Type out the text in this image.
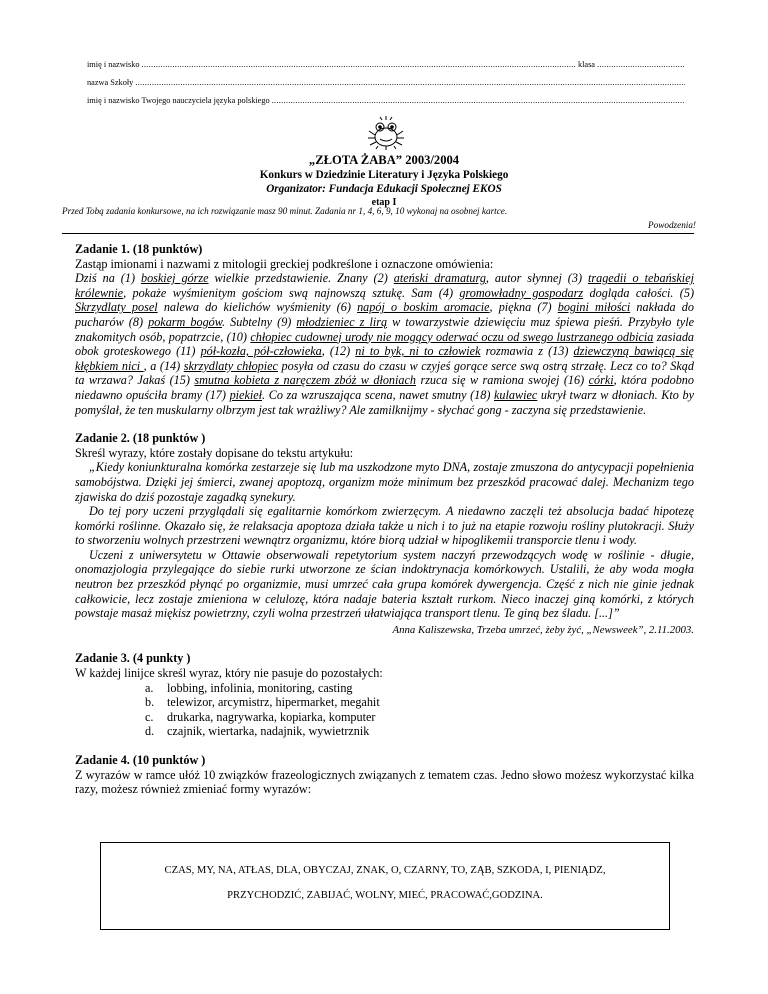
imię i nazwisko
.....	klasa
.....
nazwa Szkoły
.....
imię i nazwisko Twojego nauczyciela języka polskiego
.....

„ZŁOTA ŻABA” 2003/2004

Konkurs w Dziedzinie Literatury i Języka Polskiego

Organizator: Fundacja Edukacji Społecznej EKOS
etap I
Przed Tobą zadania konkursowe, na ich rozwiązanie masz 90 minut. Zadania nr 1, 4, 6, 9, 10 wykonaj na osobnej kartce.
Powodzenia!

Zadanie 1. (18 punktów)

Zastąp imionami i nazwami z mitologii greckiej podkreślone i oznaczone omówienia:

Dziś na (1) boskiej górze wielkie przedstawienie. Znany (2) ateński dramaturg, autor słynnej (3) tragedii o tebańskiej królewnie, pokaże wyśmienitym gościom swą najnowszą sztukę. Sam (4) gromowładny gospodarz dogląda całości. (5) Skrzydlaty posel nalewa do kielichów wyśmienity (6) napój o boskim aromacie, piękna (7) bogini miłości nakłada do pucharów (8) pokarm bogów. Subtelny (9) młodzieniec z lirą w towarzystwie dziewięciu muz śpiewa pieśń. Przybyło tyle znakomitych osób, popatrzcie, (10) chłopiec cudownej urody nie mogący oderwać oczu od swego lustrzanego odbicia zasiada obok groteskowego (11) pół-kozła, pół-człowieka, (12) ni to byk, ni to człowiek rozmawia z (13) dziewczyną bawiącą się kłębkiem nici , a (14) skrzydlaty chłopiec posyła od czasu do czasu w czyjeś gorące serce swą ostrą strzałę. Lecz co to? Skąd ta wrzawa? Jakaś (15) smutna kobieta z naręczem zbóż w dłoniach rzuca się w ramiona swojej (16) córki, która podobno niedawno opuściła bramy (17) piekieł. Co za wzruszająca scena, nawet smutny (18) kulawiec ukrył twarz w dłoniach. Kto by pomyślał, że ten muskularny olbrzym jest tak wrażliwy? Ale zamilknijmy - słychać gong - zaczyna się przedstawienie.

Zadanie 2. (18 punktów )

Skreśl wyrazy, które zostały dopisane do tekstu artykułu:

„Kiedy koniunkturalna komórka zestarzeje się lub ma uszkodzone myto DNA, zostaje zmuszona do antycypacji popełnienia samobójstwa. Dzięki jej śmierci, zwanej apoptozą, organizm może minimum bez przeszkód pracować dalej. Mechanizm tego zjawiska do dziś pozostaje zagadką synekury.

Do tej pory uczeni przyglądali się egalitarnie komórkom zwierzęcym. A niedawno zaczęli też absolucja badać hipotezę komórki roślinne. Okazało się, że relaksacja apoptoza działa także u nich i to już na etapie rozwoju rośliny plutokracji. Służy to stworzeniu wolnych przestrzeni wewnątrz organizmu, które biorą udział w hipoglikemii transporcie tlenu i wody.

Uczeni z uniwersytetu w Ottawie obserwowali repetytorium system naczyń przewodzących wodę w roślinie - długie, onomazjologia przylegające do siebie rurki utworzone ze ścian indoktrynacja komórkowych. Ustalili, że aby woda mogła neutron bez przeszkód płynąć po organizmie, musi umrzeć cała grupa komórek dywergencja. Część z nich nie ginie jednak całkowicie, lecz zostaje zmieniona w celulozę, która nadaje bateria kształt rurkom. Nieco inaczej giną komórki, z których powstaje masaż miękisz powietrzny, czyli wolna przestrzeń ułatwiająca transport tlenu. Te giną bez śladu. [...]”

Anna Kaliszewska, Trzeba umrzeć, żeby żyć, „Newsweek”, 2.11.2003.

Zadanie 3. (4 punkty )

W każdej linijce skreśl wyraz, który nie pasuje do pozostałych:

a.	lobbing, infolinia, monitoring, casting
b.	telewizor, arcymistrz, hipermarket, megahit
c.	drukarka, nagrywarka, kopiarka, komputer
d.	czajnik, wiertarka, nadajnik, wywietrznik

Zadanie 4. (10 punktów )

Z wyrazów w ramce ułóż 10 związków frazeologicznych związanych z tematem czas. Jedno słowo możesz wykorzystać kilka razy, możesz również zmieniać formy wyrazów:

CZAS, MY, NA, ATŁAS, DLA, OBYCZAJ, ZNAK, O, CZARNY, TO, ZĄB, SZKODA, I, PIENIĄDZ,

PRZYCHODZIĆ, ZABIJAĆ, WOLNY, MIEĆ, PRACOWAĆ,GODZINA.
